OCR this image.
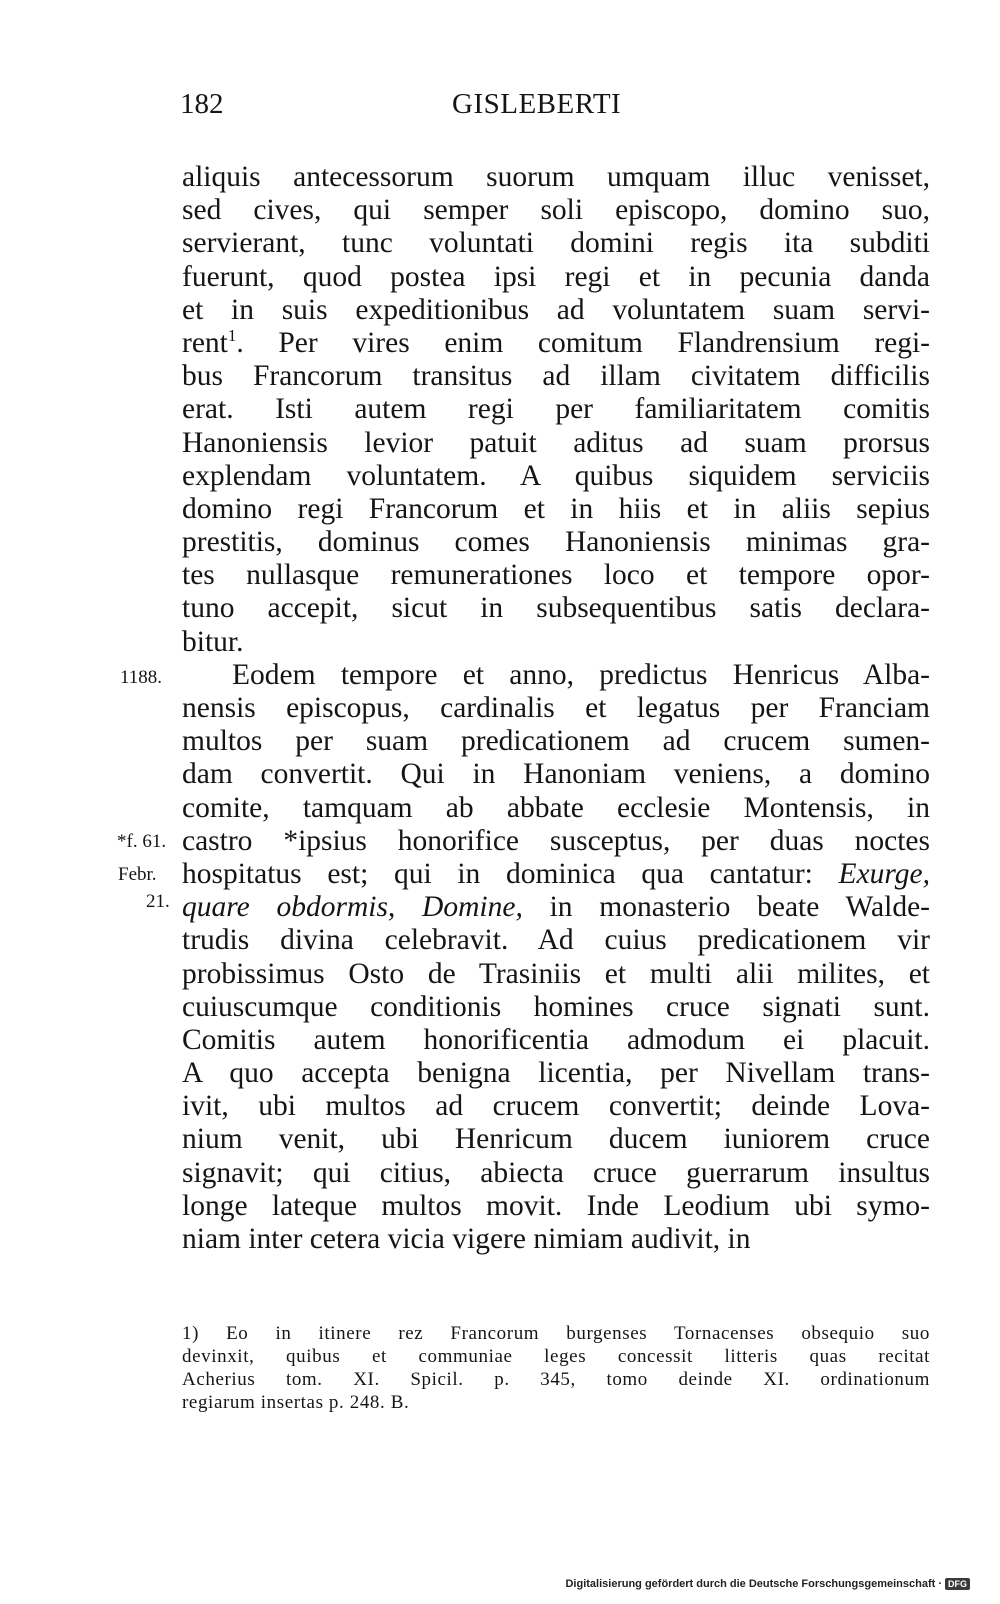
182	GISLEBERTI
aliquis antecessorum suorum umquam illuc venisset,
sed cives, qui semper soli episcopo, domino suo,
servierant, tunc voluntati domini regis ita subditi
fuerunt, quod postea ipsi regi et in pecunia danda
et in suis expeditionibus ad voluntatem suam servi-
rent$^1$. Per vires enim comitum Flandrensium regi-
bus Francorum transitus ad illam civitatem difficilis
erat. Isti autem regi per familiaritatem comitis
Hanoniensis levior patuit aditus ad suam prorsus
explendam voluntatem. A quibus siquidem serviciis
domino regi Francorum et in hiis et in aliis sepius
prestitis, dominus comes Hanoniensis minimas gra-
tes nullasque remunerationes loco et tempore opor-
tuno accepit, sicut in subsequentibus satis declara-
bitur.
Eodem tempore et anno, predictus Henricus Alba-
nensis episcopus, cardinalis et legatus per Franciam
multos per suam predicationem ad crucem sumen-
dam convertit. Qui in Hanoniam veniens, a domino
comite, tamquam ab abbate ecclesie Montensis, in
castro *ipsius honorifice susceptus, per duas noctes
hospitatus est; qui in dominica qua cantatur: Exurge,
quare obdormis, Domine, in monasterio beate Walde-
trudis divina celebravit. Ad cuius predicationem vir
probissimus Osto de Trasiniis et multi alii milites, et
cuiuscumque conditionis homines cruce signati sunt.
Comitis autem honorificentia admodum ei placuit.
A quo accepta benigna licentia, per Nivellam trans-
ivit, ubi multos ad crucem convertit; deinde Lova-
nium venit, ubi Henricum ducem iuniorem cruce
signavit; qui citius, abiecta cruce guerrarum insultus
longe lateque multos movit. Inde Leodium ubi symo-
niam inter cetera vicia vigere nimiam audivit, in
1188.
*f. 61.
Febr.
21.
1) Eo in itinere rez Francorum burgenses Tornacenses obsequio suo
devinxit, quibus et communiae leges concessit litteris quas recitat
Acherius tom. XI. Spicil. p. 345, tomo deinde XI. ordinationum
regiarum insertas p. 248. B.
Digitalisierung gefördert durch die Deutsche Forschungsgemeinschaft · DFG
